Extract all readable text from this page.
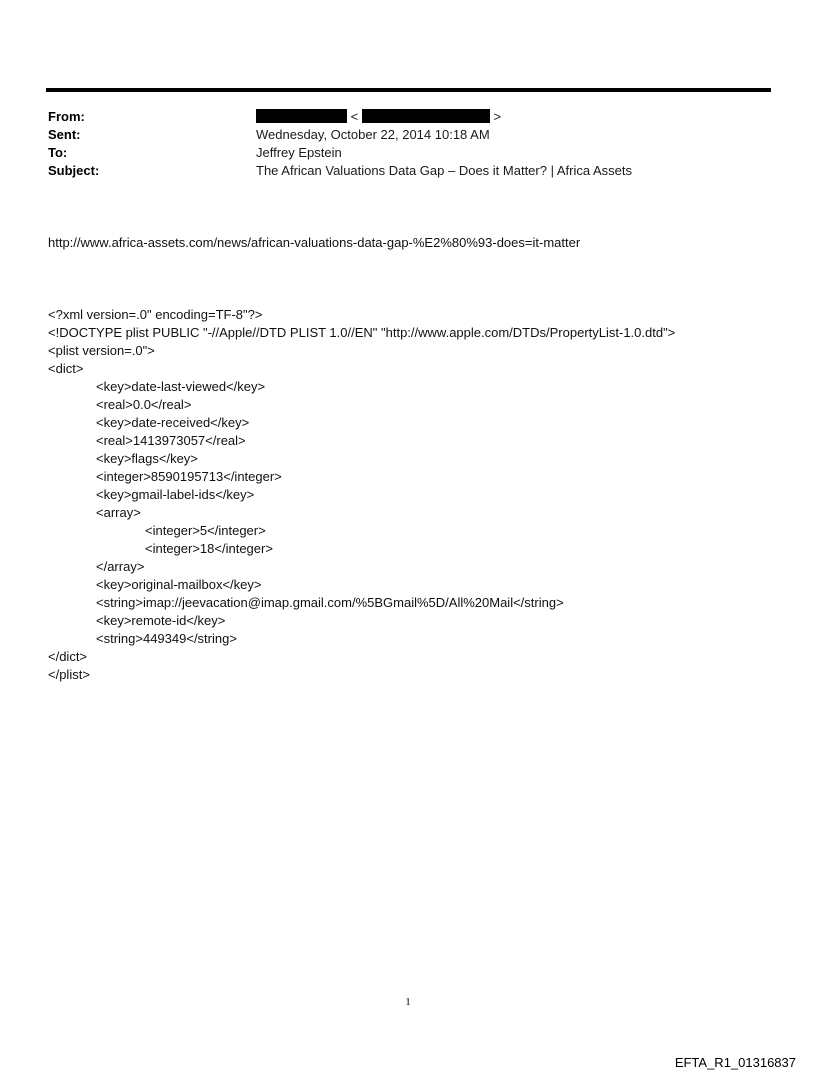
From:	<	>
Sent:	Wednesday, October 22, 2014 10:18 AM
To:	Jeffrey Epstein
Subject:	The African Valuations Data Gap – Does it Matter? | Africa Assets
http://www.africa-assets.com/news/african-valuations-data-gap-%E2%80%93-does=it-matter
<?xml version=.0" encoding=TF-8"?>
<!DOCTYPE plist PUBLIC "-//Apple//DTD PLIST 1.0//EN" "http://www.apple.com/DTDs/PropertyList-1.0.dtd">
<plist version=.0">
<dict>
<key>date-last-viewed</key>
<real>0.0</real>
<key>date-received</key>
<real>1413973057</real>
<key>flags</key>
<integer>8590195713</integer>
<key>gmail-label-ids</key>
<array>
<integer>5</integer>
<integer>18</integer>
</array>
<key>original-mailbox</key>
<string>imap://jeevacation@imap.gmail.com/%5BGmail%5D/All%20Mail</string>
<key>remote-id</key>
<string>449349</string>
</dict>
</plist>
1
EFTA_R1_01316837
